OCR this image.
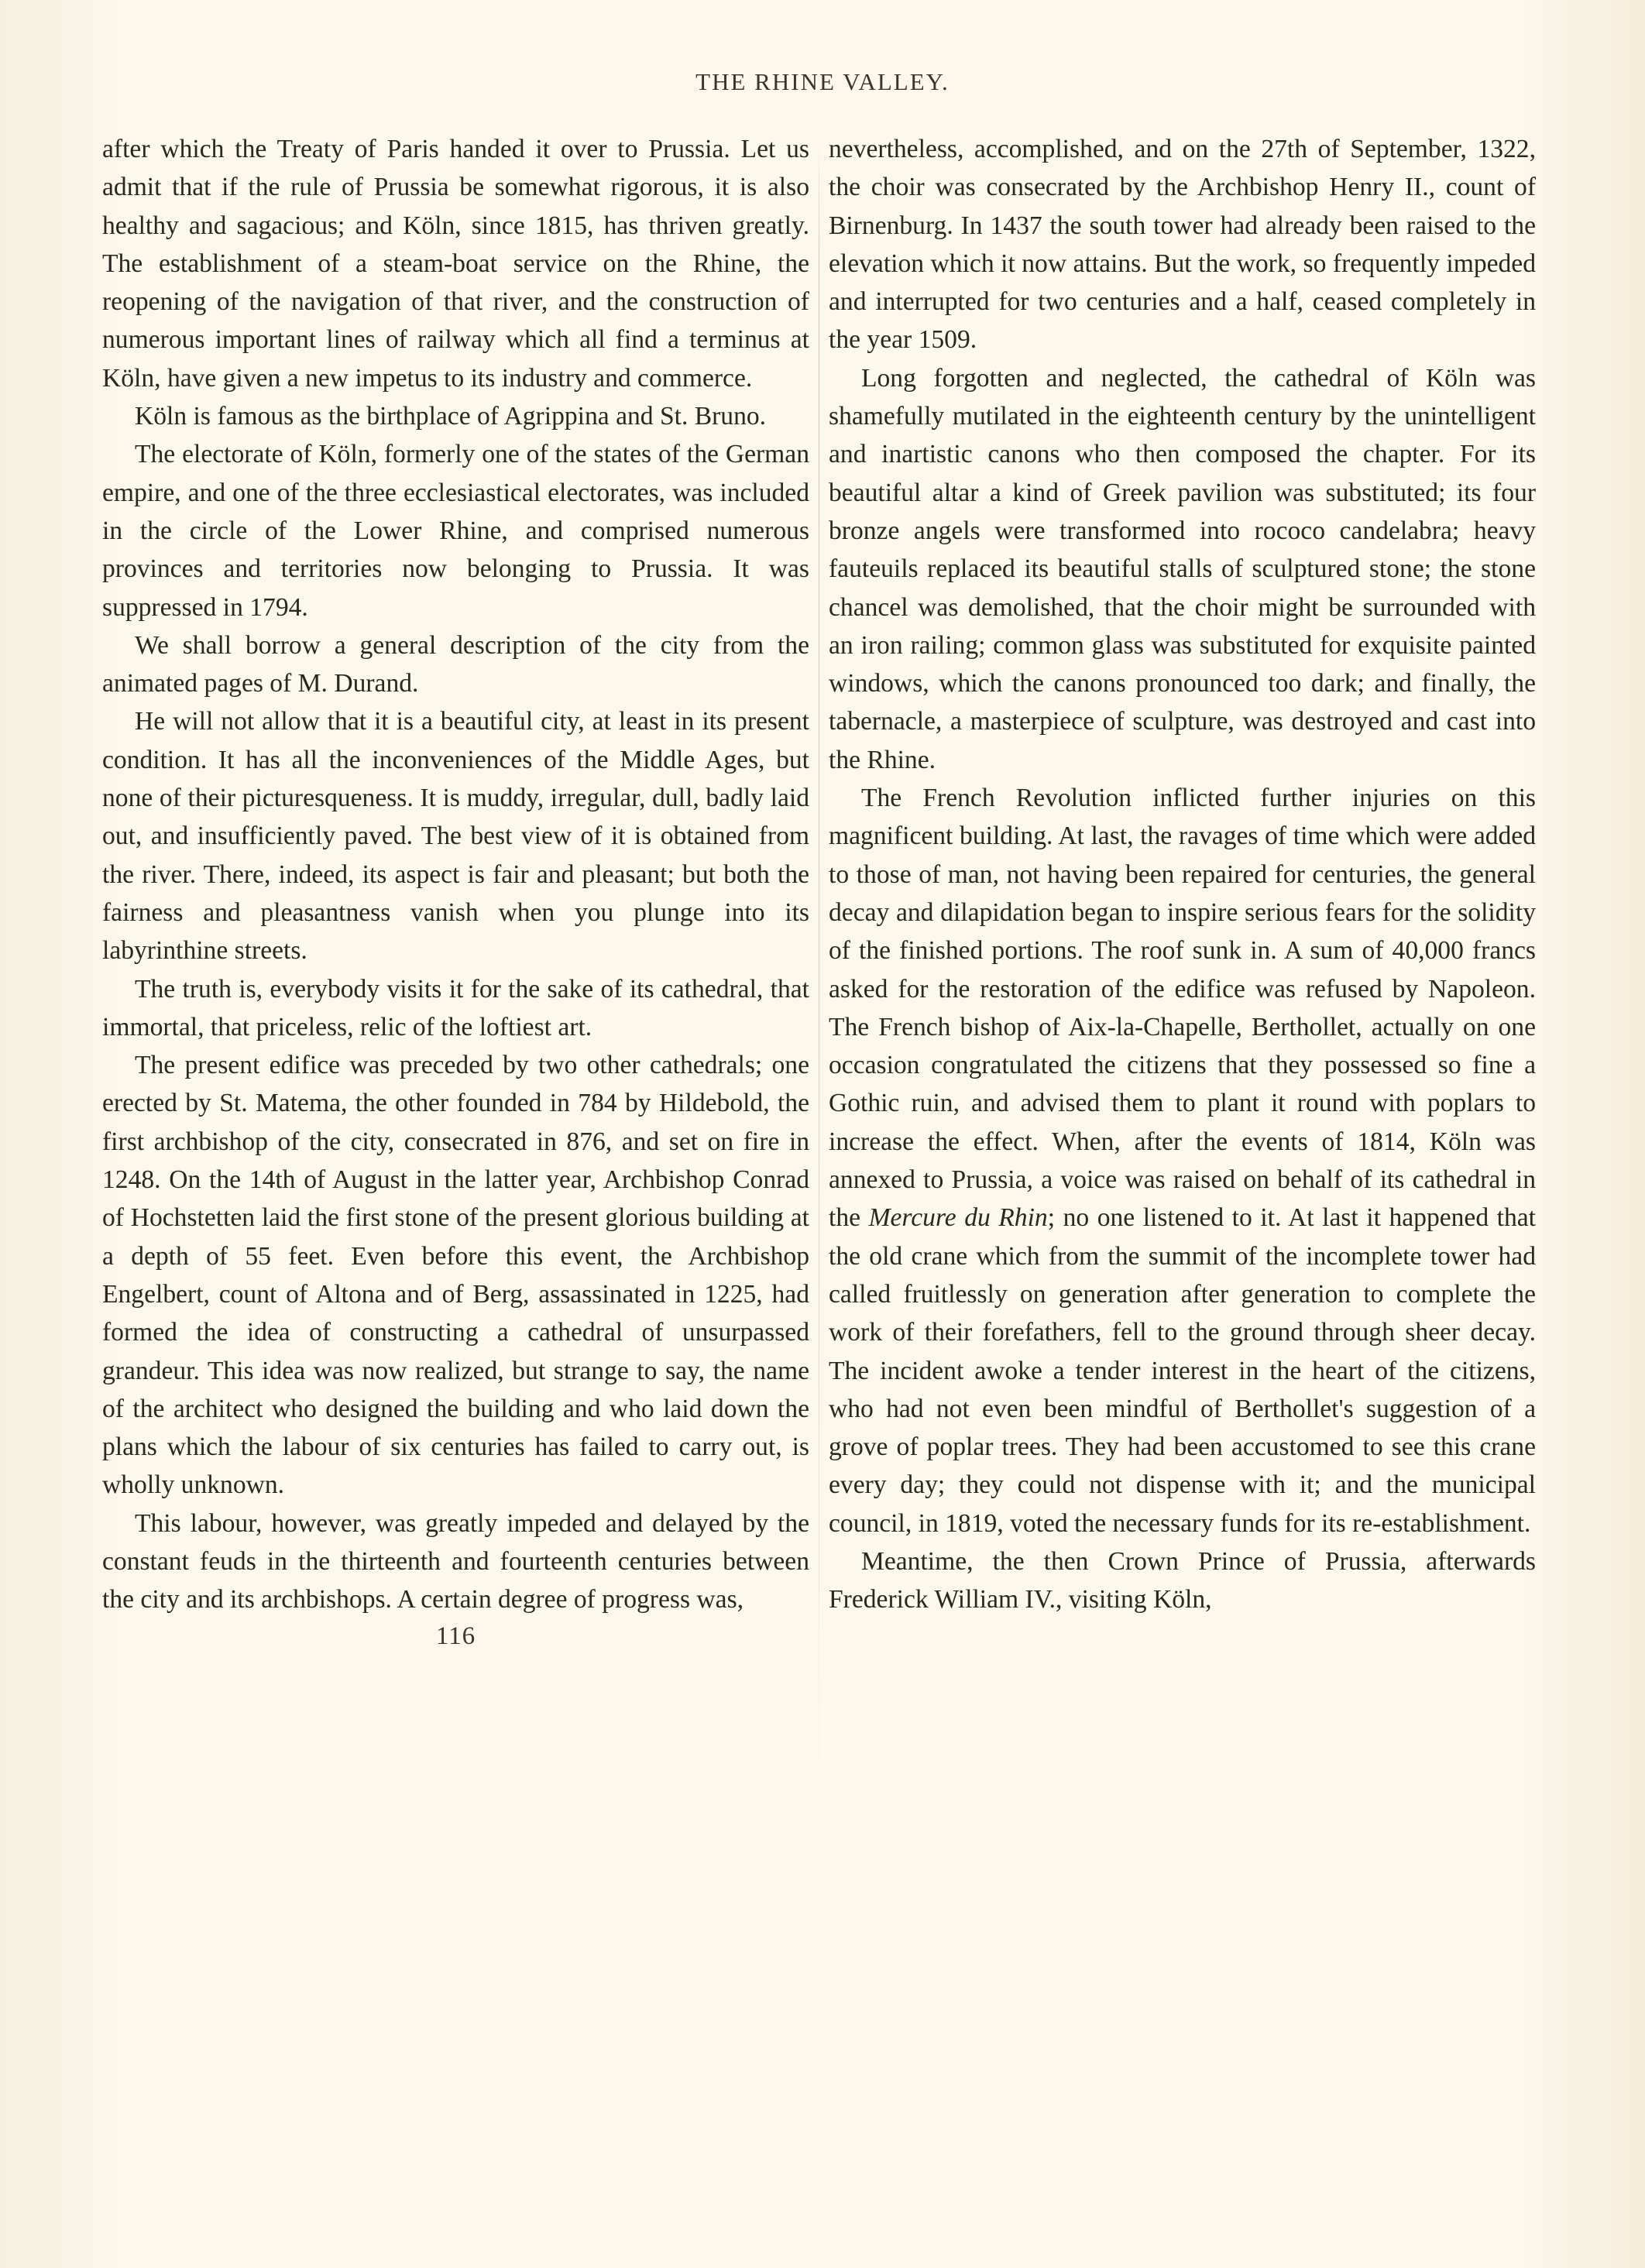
THE RHINE VALLEY.

after which the Treaty of Paris handed it over to Prussia. Let us admit that if the rule of Prussia be somewhat rigorous, it is also healthy and sagacious; and Köln, since 1815, has thriven greatly. The establishment of a steam-boat service on the Rhine, the reopening of the navigation of that river, and the construction of numerous important lines of railway which all find a terminus at Köln, have given a new impetus to its industry and commerce.

Köln is famous as the birthplace of Agrippina and St. Bruno.

The electorate of Köln, formerly one of the states of the German empire, and one of the three ecclesiastical electorates, was included in the circle of the Lower Rhine, and comprised numerous provinces and territories now belonging to Prussia. It was suppressed in 1794.

We shall borrow a general description of the city from the animated pages of M. Durand.

He will not allow that it is a beautiful city, at least in its present condition. It has all the inconveniences of the Middle Ages, but none of their picturesqueness. It is muddy, irregular, dull, badly laid out, and insufficiently paved. The best view of it is obtained from the river. There, indeed, its aspect is fair and pleasant; but both the fairness and pleasantness vanish when you plunge into its labyrinthine streets.

The truth is, everybody visits it for the sake of its cathedral, that immortal, that priceless, relic of the loftiest art.

The present edifice was preceded by two other cathedrals; one erected by St. Matema, the other founded in 784 by Hildebold, the first archbishop of the city, consecrated in 876, and set on fire in 1248. On the 14th of August in the latter year, Archbishop Conrad of Hochstetten laid the first stone of the present glorious building at a depth of 55 feet. Even before this event, the Archbishop Engelbert, count of Altona and of Berg, assassinated in 1225, had formed the idea of constructing a cathedral of unsurpassed grandeur. This idea was now realized, but strange to say, the name of the architect who designed the building and who laid down the plans which the labour of six centuries has failed to carry out, is wholly unknown.

This labour, however, was greatly impeded and delayed by the constant feuds in the thirteenth and fourteenth centuries between the city and its archbishops. A certain degree of progress was,

nevertheless, accomplished, and on the 27th of September, 1322, the choir was consecrated by the Archbishop Henry II., count of Birnenburg. In 1437 the south tower had already been raised to the elevation which it now attains. But the work, so frequently impeded and interrupted for two centuries and a half, ceased completely in the year 1509.

Long forgotten and neglected, the cathedral of Köln was shamefully mutilated in the eighteenth century by the unintelligent and inartistic canons who then composed the chapter. For its beautiful altar a kind of Greek pavilion was substituted; its four bronze angels were transformed into rococo candelabra; heavy fauteuils replaced its beautiful stalls of sculptured stone; the stone chancel was demolished, that the choir might be surrounded with an iron railing; common glass was substituted for exquisite painted windows, which the canons pronounced too dark; and finally, the tabernacle, a masterpiece of sculpture, was destroyed and cast into the Rhine.

The French Revolution inflicted further injuries on this magnificent building. At last, the ravages of time which were added to those of man, not having been repaired for centuries, the general decay and dilapidation began to inspire serious fears for the solidity of the finished portions. The roof sunk in. A sum of 40,000 francs asked for the restoration of the edifice was refused by Napoleon. The French bishop of Aix-la-Chapelle, Berthollet, actually on one occasion congratulated the citizens that they possessed so fine a Gothic ruin, and advised them to plant it round with poplars to increase the effect. When, after the events of 1814, Köln was annexed to Prussia, a voice was raised on behalf of its cathedral in the Mercure du Rhin; no one listened to it. At last it happened that the old crane which from the summit of the incomplete tower had called fruitlessly on generation after generation to complete the work of their forefathers, fell to the ground through sheer decay. The incident awoke a tender interest in the heart of the citizens, who had not even been mindful of Berthollet's suggestion of a grove of poplar trees. They had been accustomed to see this crane every day; they could not dispense with it; and the municipal council, in 1819, voted the necessary funds for its re-establishment.

Meantime, the then Crown Prince of Prussia, afterwards Frederick William IV., visiting Köln,

116
